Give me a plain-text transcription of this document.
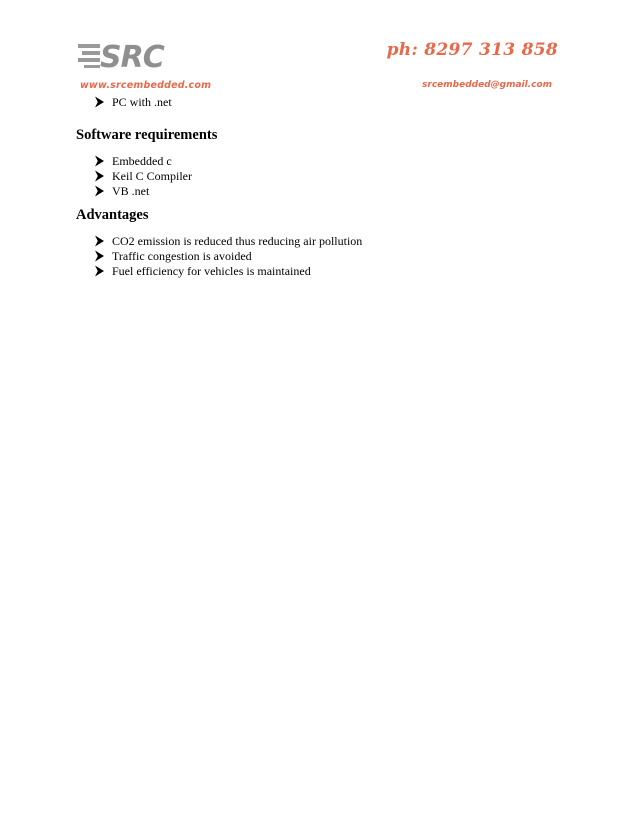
SRC
www.srcembedded.com
ph: 8297 313 858
srcembedded@gmail.com
PC with .net
Software requirements
Embedded c
Keil C Compiler
VB .net
Advantages
CO2 emission is reduced thus reducing air pollution
Traffic congestion is avoided
Fuel efficiency for vehicles is maintained
